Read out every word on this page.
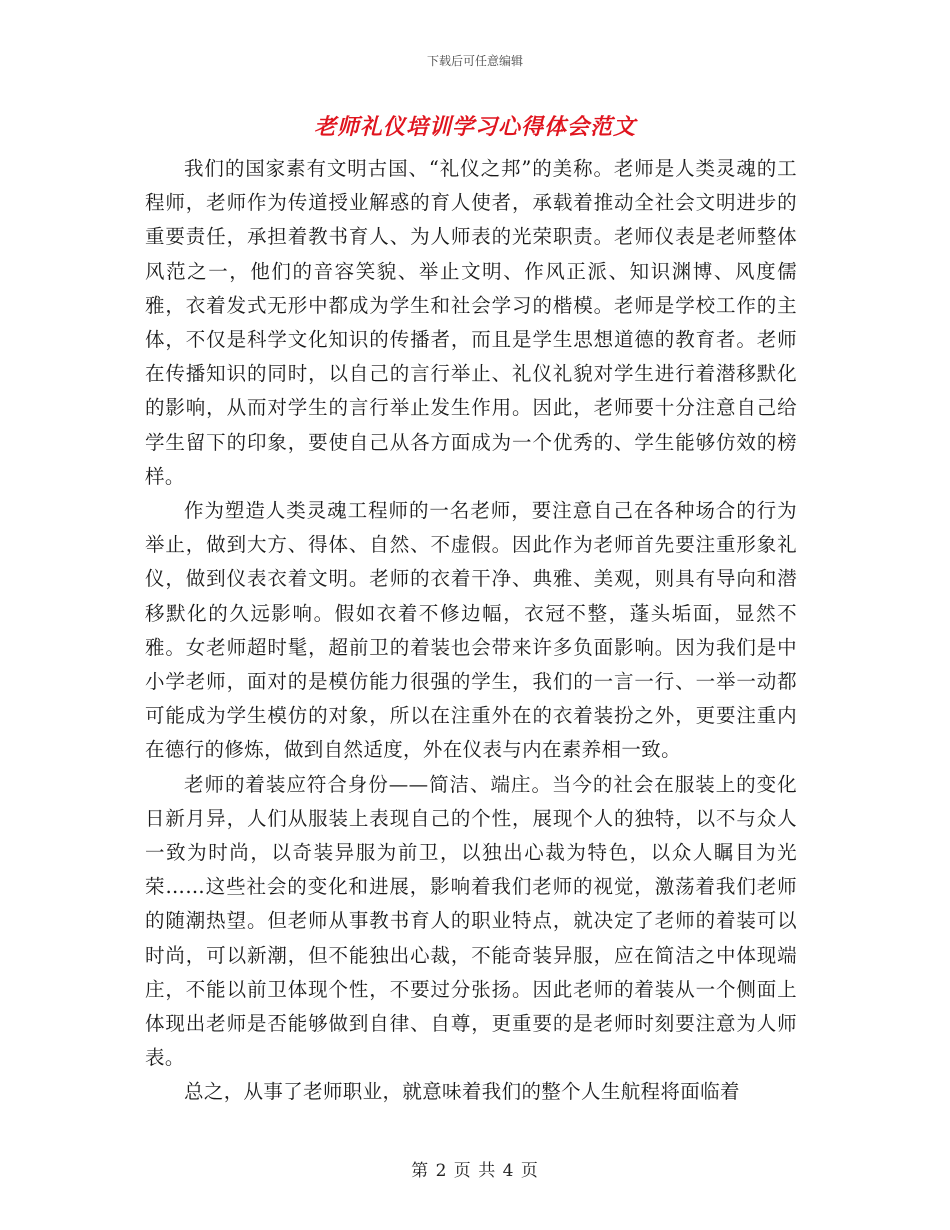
下载后可任意编辑
老师礼仪培训学习心得体会范文

我们的国家素有文明古国、“礼仪之邦”的美称。老师是人类灵魂的工程师，老师作为传道授业解惑的育人使者，承载着推动全社会文明进步的重要责任，承担着教书育人、为人师表的光荣职责。老师仪表是老师整体风范之一，他们的音容笑貌、举止文明、作风正派、知识渊博、风度儒雅，衣着发式无形中都成为学生和社会学习的楷模。老师是学校工作的主体，不仅是科学文化知识的传播者，而且是学生思想道德的教育者。老师在传播知识的同时，以自己的言行举止、礼仪礼貌对学生进行着潜移默化的影响，从而对学生的言行举止发生作用。因此，老师要十分注意自己给学生留下的印象，要使自己从各方面成为一个优秀的、学生能够仿效的榜样。

作为塑造人类灵魂工程师的一名老师，要注意自己在各种场合的行为举止，做到大方、得体、自然、不虚假。因此作为老师首先要注重形象礼仪，做到仪表衣着文明。老师的衣着干净、典雅、美观，则具有导向和潜移默化的久远影响。假如衣着不修边幅，衣冠不整，蓬头垢面，显然不雅。女老师超时髦，超前卫的着装也会带来许多负面影响。因为我们是中小学老师，面对的是模仿能力很强的学生，我们的一言一行、一举一动都可能成为学生模仿的对象，所以在注重外在的衣着装扮之外，更要注重内在德行的修炼，做到自然适度，外在仪表与内在素养相一致。

老师的着装应符合身份——简洁、端庄。当今的社会在服装上的变化日新月异，人们从服装上表现自己的个性，展现个人的独特，以不与众人一致为时尚，以奇装异服为前卫，以独出心裁为特色，以众人瞩目为光荣……这些社会的变化和进展，影响着我们老师的视觉，激荡着我们老师的随潮热望。但老师从事教书育人的职业特点，就决定了老师的着装可以时尚，可以新潮，但不能独出心裁，不能奇装异服，应在简洁之中体现端庄，不能以前卫体现个性，不要过分张扬。因此老师的着装从一个侧面上体现出老师是否能够做到自律、自尊，更重要的是老师时刻要注意为人师表。

总之，从事了老师职业，就意味着我们的整个人生航程将面临着

第 2 页 共 4 页
